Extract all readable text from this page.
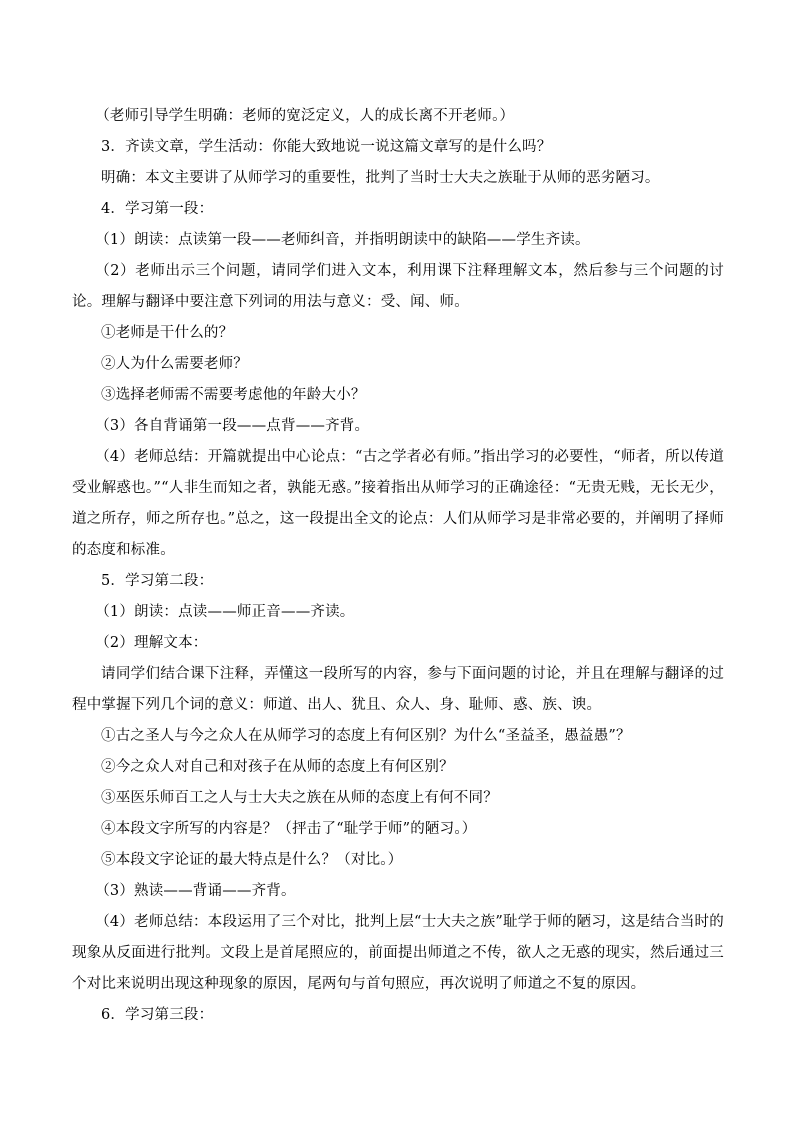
（老师引导学生明确：老师的宽泛定义，人的成长离不开老师。）

3．齐读文章，学生活动：你能大致地说一说这篇文章写的是什么吗？

明确：本文主要讲了从师学习的重要性，批判了当时士大夫之族耻于从师的恶劣陋习。

4．学习第一段：

（1）朗读：点读第一段——老师纠音，并指明朗读中的缺陷——学生齐读。

（2）老师出示三个问题，请同学们进入文本，利用课下注释理解文本，然后参与三个问题的讨论。理解与翻译中要注意下列词的用法与意义：受、闻、师。

①老师是干什么的？

②人为什么需要老师？

③选择老师需不需要考虑他的年龄大小？

（3）各自背诵第一段——点背——齐背。

（4）老师总结：开篇就提出中心论点：“古之学者必有师。”指出学习的必要性，“师者，所以传道受业解惑也。”“人非生而知之者，孰能无惑。”接着指出从师学习的正确途径：“无贵无贱，无长无少，道之所存，师之所存也。”总之，这一段提出全文的论点：人们从师学习是非常必要的，并阐明了择师的态度和标准。

5．学习第二段：

（1）朗读：点读——师正音——齐读。

（2）理解文本：

请同学们结合课下注释，弄懂这一段所写的内容，参与下面问题的讨论，并且在理解与翻译的过程中掌握下列几个词的意义：师道、出人、犹且、众人、身、耻师、惑、族、谀。

①古之圣人与今之众人在从师学习的态度上有何区别？为什么“圣益圣，愚益愚”？

②今之众人对自己和对孩子在从师的态度上有何区别？

③巫医乐师百工之人与士大夫之族在从师的态度上有何不同？

④本段文字所写的内容是？（抨击了“耻学于师”的陋习。）

⑤本段文字论证的最大特点是什么？（对比。）

（3）熟读——背诵——齐背。

（4）老师总结：本段运用了三个对比，批判上层“士大夫之族”耻学于师的陋习，这是结合当时的现象从反面进行批判。文段上是首尾照应的，前面提出师道之不传，欲人之无惑的现实，然后通过三个对比来说明出现这种现象的原因，尾两句与首句照应，再次说明了师道之不复的原因。

6．学习第三段：
